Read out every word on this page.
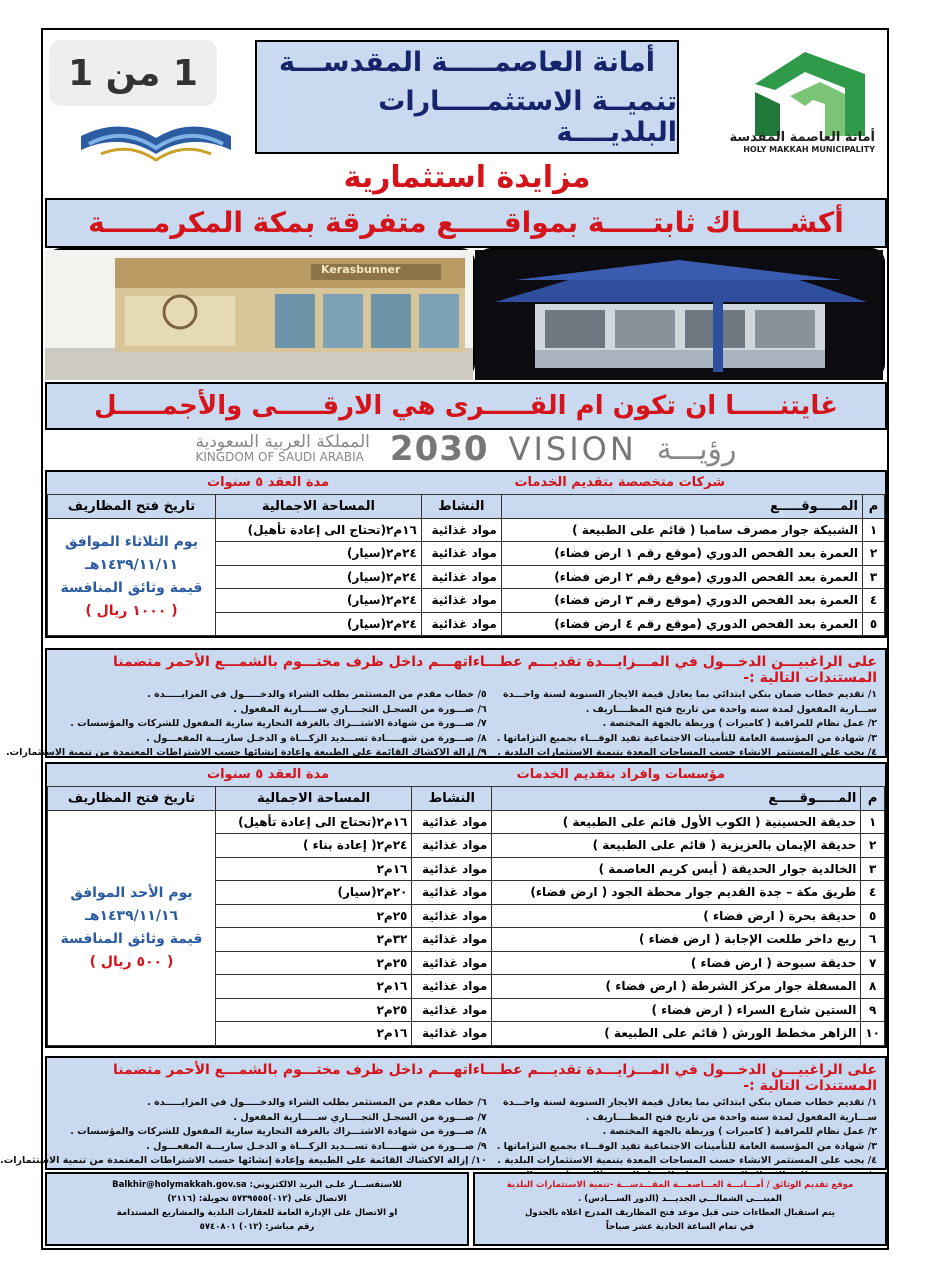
1 من 1
أمانة العاصمة المقدسة
HOLY MAKKAH MUNICIPALITY
أمانة العاصمـــــة المقدســـة
تنميــة الاستثمـــــارات البلديــــة
مزايدة استثمارية
أكشـــــاك ثابتـــــة بمواقـــــع متفرقة بمكة المكرمـــــة
Kerasbunner
غايتنـــــا ان تكون ام القـــــرى هي الارقـــــى والأجمـــــل
المملكة العربية السعودية
KINGDOM OF SAUDI ARABIA 2030 VISION رؤيـــة
شركات متخصصة بتقديم الخدمات
مدة العقد ٥ سنوات
م	المـــــوقـــــع	النشاط	المساحة الاجمالية	تاريخ فتح المظاريف
١	الشبيكة جوار مصرف سامبا ( قائم على الطبيعة )	مواد غذائية	١٦م٢(تحتاج الى إعادة تأهيل)	يوم الثلاثاء الموافق
١٤٣٩/١١/١١هـ
قيمة وثائق المنافسة
( ١٠٠٠ ريال )

٢	العمرة بعد الفحص الدوري (موقع رقم ١ ارض فضاء)	مواد غذائية	٢٤م٢(سيار)	
٣	العمرة بعد الفحص الدوري (موقع رقم ٢ ارض فضاء)	مواد غذائية	٢٤م٢(سيار)	
٤	العمرة بعد الفحص الدوري (موقع رقم ٣ ارض فضاء)	مواد غذائية	٢٤م٢(سيار)	
٥	العمرة بعد الفحص الدوري (موقع رقم ٤ ارض فضاء)	مواد غذائية	٢٤م٢(سيار)	
على الراغبيـــن الدخـــول في المـــزايـــدة تقديـــم عطـــاءاتهـــم داخل ظرف مختـــوم بالشمـــع الأحمر متضمنا المستندات التالية :-
١/ تقديم خطاب ضمان بنكي ابتدائي بما يعادل قيمة الايجار السنوية لسنة واحـــدة
ســـارية المفعول لمدة سنه واحدة من تاريخ فتح المظــــاريف .
٢/ عمل نظام للمراقبة ( كاميرات ) وربطة بالجهة المختصة .
٣/ شهادة من المؤسسة العامة للتأمينات الاجتماعية تفيد الوفـــاء بجميع التزاماتها .
٤/ يجب على المستثمر الانشاء حسب المساحات المعدة بتنمية الاستثمارات البلدية .
٥/ خطاب مقدم من المستثمر بطلب الشراء والدخـــــول في المزايـــــدة .
٦/ صـــورة من السجـل التجــــاري ســـــارية المفعول .
٧/ صـــورة من شهادة الاشتـــراك بالغرفة التجارية سارية المفعول للشركات والمؤسسات .
٨/ صـــورة من شهـــــادة تســـديد الزكـــاة و الدخـل ساريـــة المفعـــول .
٩/ إزالة الاكشاك القائمة على الطبيعة وإعادة إنشائها حسب الاشتراطات المعتمدة من تنمية الاستثمارات.
مؤسسات وافراد بتقديم الخدمات
مدة العقد ٥ سنوات
م	المـــــوقـــــع	النشاط	المساحة الاجمالية	تاريخ فتح المظاريف
١	حديقة الحسينية ( الكوب الأول قائم على الطبيعة )	مواد غذائية	١٦م٢(تحتاج الى إعادة تأهيل)	يوم الأحد الموافق
١٤٣٩/١١/١٦هـ
قيمة وثائق المنافسة
( ٥٠٠ ريال )

٢	حديقة الإيمان بالعزيزية ( قائم على الطبيعة )	مواد غذائية	٢٤م٢( إعادة بناء )	
٣	الخالدية جوار الحديقة ( أيس كريم العاصمة )	مواد غذائية	١٦م٢	
٤	طريق مكة – جدة القديم جوار محطة الجود ( ارض فضاء)	مواد غذائية	٢٠م٢(سيار)	
٥	حديقة بحرة ( ارض فضاء )	مواد غذائية	٢٥م٢	
٦	ريع داخر طلعت الإجابة ( ارض فضاء )	مواد غذائية	٣٢م٢	
٧	حديقة سبوحة ( ارض فضاء )	مواد غذائية	٢٥م٢	
٨	المسفلة جوار مركز الشرطة ( ارض فضاء )	مواد غذائية	١٦م٢	
٩	الستين شارع السراء ( ارض فضاء )	مواد غذائية	٢٥م٢	
١٠	الزاهر مخطط الورش ( قائم على الطبيعة )	مواد غذائية	١٦م٢	
على الراغبيـــن الدخـــول في المـــزايـــدة تقديـــم عطـــاءاتهـــم داخل ظرف مختـــوم بالشمـــع الأحمر متضمنا المستندات التالية :-
١/ تقديم خطاب ضمان بنكي ابتدائي بما يعادل قيمة الايجار السنوية لسنة واحـــدة
ســـارية المفعول لمدة سنه واحدة من تاريخ فتح المظــــاريف .
٢/ عمل نظام للمراقبة ( كاميرات ) وربطة بالجهة المختصة .
٣/ شهادة من المؤسسة العامة للتأمينات الاجتماعية تفيد الوفـــاء بجميع التزاماتها .
٤/ يجب على المستثمر الانشاء حسب المساحات المعدة بتنمية الاستثمارات البلدية .
٦/ خطاب مقدم من المستثمر بطلب الشراء والدخـــــول في المزايـــــدة .
٧/ صـــورة من السجـل التجــــاري ســـــارية المفعول .
٨/ صـــورة من شهادة الاشتـــراك بالغرفة التجارية سارية المفعول للشركات والمؤسسات .
٩/ صـــورة من شهـــــادة تســـديد الزكـــاة و الدخـل ساريـــة المفعـــول .
١٠/ إزالة الاكشاك القائمة على الطبيعة وإعادة إنشائها حسب الاشتراطات المعتمدة من تنمية الاستثمارات.
موقع تقديم الوثائق / أمـــانـــة العـــاصمـــة المقـــدســـة -تنمية الاستثمارات البلدية
المبنـــى الشمالـــي الجديـــد (الدور الســـادس) .
يتم استقبال العطاءات حتى قبل موعد فتح المظاريف المدرج اعلاه بالجدول
في تمام الساعة الحادية عشر صباحاً
للاستفســـار علـى البريد الالكتروني: Balkhir@holymakkah.gov.sa
الاتصال على (٠١٢)٥٧٣٩٥٥٥ تحويلة: (٢١١٦)
او الاتصال على الإدارة العامة للعقارات البلدية والمشاريع المستدامة
رقم مباشر: (٠١٢) ٥٧٤٠٨٠١
